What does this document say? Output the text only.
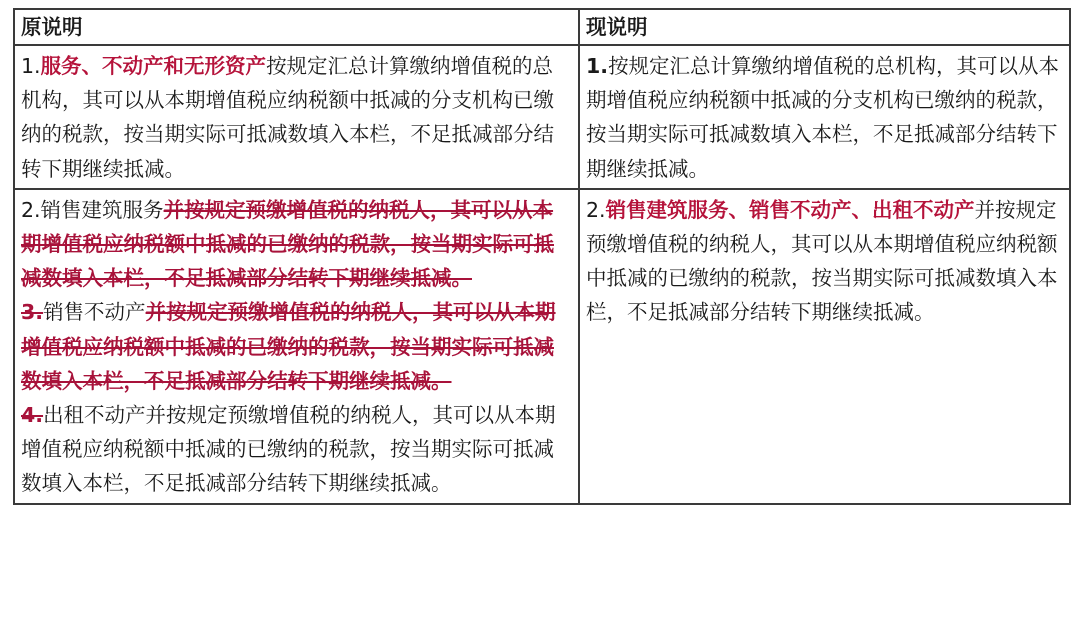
原说明	现说明
1.服务、不动产和无形资产按规定汇总计算缴纳增值税的总机构，其可以从本期增值税应纳税额中抵减的分支机构已缴纳的税款，按当期实际可抵减数填入本栏，不足抵减部分结转下期继续抵减。	1.按规定汇总计算缴纳增值税的总机构，其可以从本期增值税应纳税额中抵减的分支机构已缴纳的税款，按当期实际可抵减数填入本栏，不足抵减部分结转下期继续抵减。
2.销售建筑服务并按规定预缴增值税的纳税人，其可以从本期增值税应纳税额中抵减的已缴纳的税款，按当期实际可抵减数填入本栏，不足抵减部分结转下期继续抵减。
3.销售不动产并按规定预缴增值税的纳税人，其可以从本期增值税应纳税额中抵减的已缴纳的税款，按当期实际可抵减数填入本栏，不足抵减部分结转下期继续抵减。
4.出租不动产并按规定预缴增值税的纳税人，其可以从本期增值税应纳税额中抵减的已缴纳的税款，按当期实际可抵减数填入本栏，不足抵减部分结转下期继续抵减。	2.销售建筑服务、销售不动产、出租不动产并按规定预缴增值税的纳税人，其可以从本期增值税应纳税额中抵减的已缴纳的税款，按当期实际可抵减数填入本栏，不足抵减部分结转下期继续抵减。
